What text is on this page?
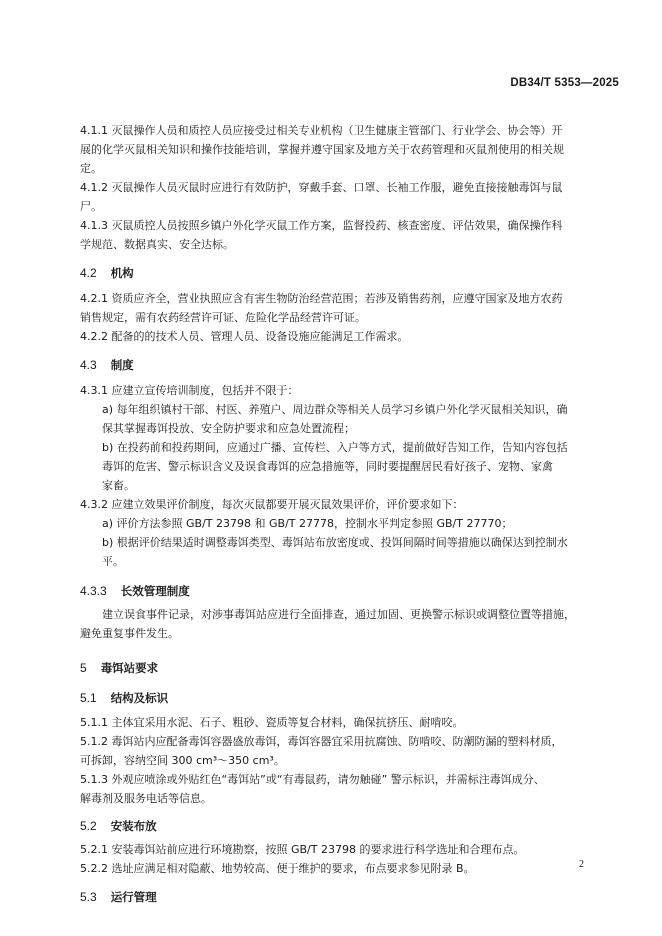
DB34/T 5353—2025
4.1.1 灭鼠操作人员和质控人员应接受过相关专业机构（卫生健康主管部门、行业学会、协会等）开
展的化学灭鼠相关知识和操作技能培训，掌握并遵守国家及地方关于农药管理和灭鼠剂使用的相关规
定。
4.1.2 灭鼠操作人员灭鼠时应进行有效防护，穿戴手套、口罩、长袖工作服，避免直接接触毒饵与鼠
尸。
4.1.3 灭鼠质控人员按照乡镇户外化学灭鼠工作方案，监督投药、核查密度、评估效果，确保操作科
学规范、数据真实、安全达标。
4.2 机构
4.2.1 资质应齐全，营业执照应含有害生物防治经营范围；若涉及销售药剂，应遵守国家及地方农药
销售规定，需有农药经营许可证、危险化学品经营许可证。
4.2.2 配备的的技术人员、管理人员、设备设施应能满足工作需求。
4.3 制度
4.3.1 应建立宣传培训制度，包括并不限于：
a) 每年组织镇村干部、村医、养殖户、周边群众等相关人员学习乡镇户外化学灭鼠相关知识，确
保其掌握毒饵投放、安全防护要求和应急处置流程；
b) 在投药前和投药期间，应通过广播、宣传栏、入户等方式，提前做好告知工作，告知内容包括
毒饵的危害、警示标识含义及误食毒饵的应急措施等，同时要提醒居民看好孩子、宠物、家禽
家畜。
4.3.2 应建立效果评价制度，每次灭鼠都要开展灭鼠效果评价，评价要求如下：
a) 评价方法参照 GB/T 23798 和 GB/T 27778，控制水平判定参照 GB/T 27770；
b) 根据评价结果适时调整毒饵类型、毒饵站布放密度或、投饵间隔时间等措施以确保达到控制水
平。
4.3.3 长效管理制度
建立误食事件记录，对涉事毒饵站应进行全面排查，通过加固、更换警示标识或调整位置等措施，
避免重复事件发生。
5 毒饵站要求
5.1 结构及标识
5.1.1 主体宜采用水泥、石子、粗砂、瓷质等复合材料，确保抗挤压、耐啃咬。
5.1.2 毒饵站内应配备毒饵容器盛放毒饵，毒饵容器宜采用抗腐蚀、防啃咬、防潮防漏的塑料材质，
可拆卸，容纳空间 300 cm³～350 cm³。
5.1.3 外观应喷涂或外贴红色“毒饵站”或“有毒鼠药，请勿触碰” 警示标识，并需标注毒饵成分、
解毒剂及服务电话等信息。
5.2 安装布放
5.2.1 安装毒饵站前应进行环境勘察，按照 GB/T 23798 的要求进行科学选址和合理布点。
5.2.2 选址应满足相对隐蔽、地势较高、便于维护的要求，布点要求参见附录 B。
5.3 运行管理
2
